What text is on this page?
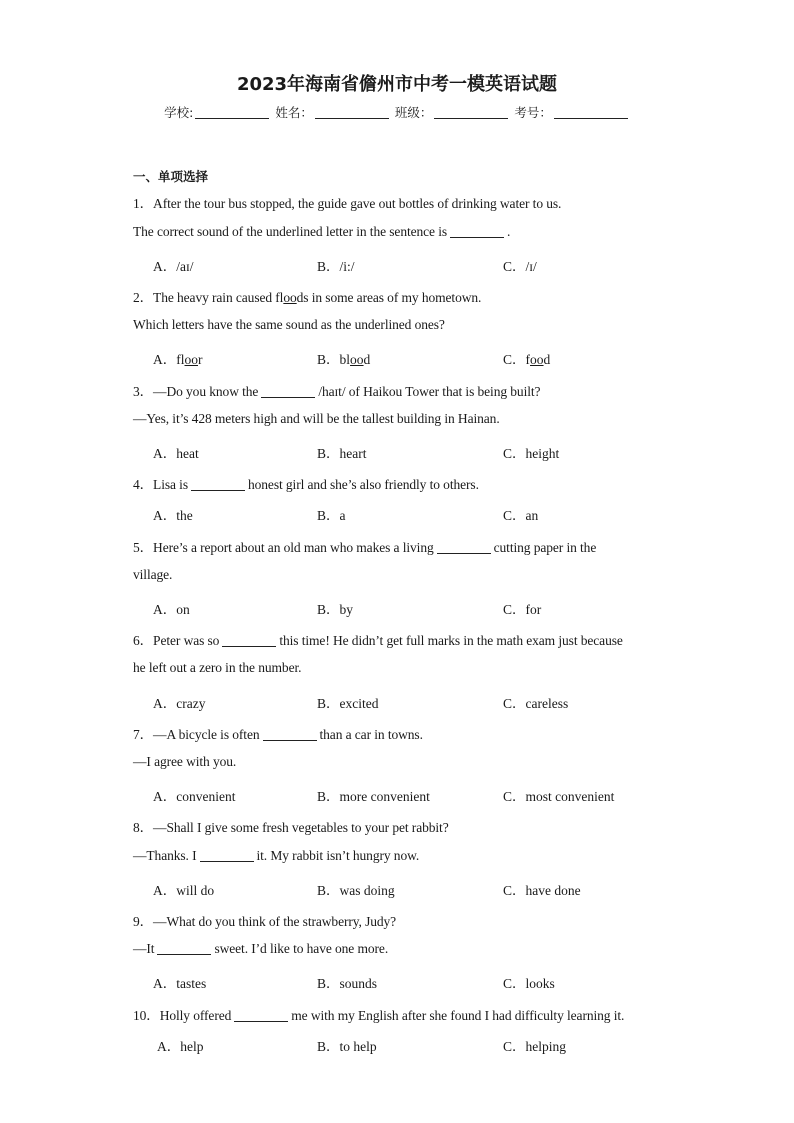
2023年海南省儋州市中考一模英语试题
学校:	姓名：	班级：	考号：
一、单项选择
1．After the tour bus stopped, the guide gave out bottles of drinking water to us.
The correct sound of the underlined letter in the sentence is	.
A．/aɪ/	B．/i:/	C．/ɪ/
2．The heavy rain caused floods in some areas of my hometown.
Which letters have the same sound as the underlined ones?
A．floor	B．blood	C．food
3．—Do you know the	/haɪt/ of Haikou Tower that is being built?
—Yes, it’s 428 meters high and will be the tallest building in Hainan.
A．heat	B．heart	C．height
4．Lisa is	honest girl and she’s also friendly to others.
A．the	B．a	C．an
5．Here’s a report about an old man who makes a living	cutting paper in the
village.
A．on	B．by	C．for
6．Peter was so	this time! He didn’t get full marks in the math exam just because
he left out a zero in the number.
A．crazy	B．excited	C．careless
7．—A bicycle is often	than a car in towns.
—I agree with you.
A．convenient	B．more convenient	C．most convenient
8．—Shall I give some fresh vegetables to your pet rabbit?
—Thanks. I	it. My rabbit isn’t hungry now.
A．will do	B．was doing	C．have done
9．—What do you think of the strawberry, Judy?
—It	sweet. I’d like to have one more.
A．tastes	B．sounds	C．looks
10．Holly offered	me with my English after she found I had difficulty learning it.
A．help	B．to help	C．helping
